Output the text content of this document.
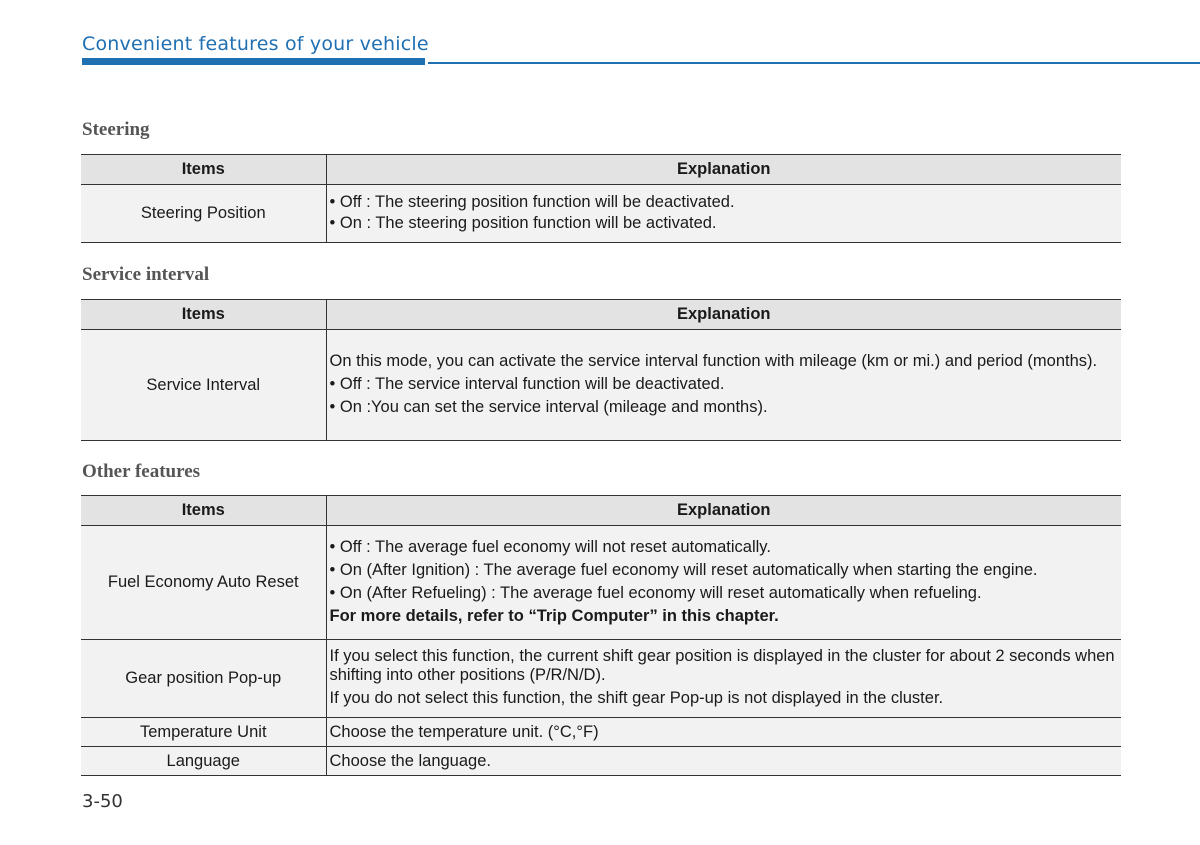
Convenient features of your vehicle
Steering
Items	Explanation
Steering Position	• Off : The steering position function will be deactivated.
• On : The steering position function will be activated.
Service interval
Items	Explanation
Service Interval	On this mode, you can activate the service interval function with mileage (km or mi.) and period (months).
• Off : The service interval function will be deactivated.
• On :You can set the service interval (mileage and months).
Other features
Items	Explanation
Fuel Economy Auto Reset	• Off : The average fuel economy will not reset automatically.
• On (After Ignition) : The average fuel economy will reset automatically when starting the engine.
• On (After Refueling) : The average fuel economy will reset automatically when refueling.
For more details, refer to “Trip Computer” in this chapter.

Gear position Pop-up	If you select this function, the current shift gear position is displayed in the cluster for about 2 seconds when shifting into other positions (P/R/N/D).
If you do not select this function, the shift gear Pop-up is not displayed in the cluster.

Temperature Unit	Choose the temperature unit. (°C,°F)

Language	Choose the language.
3-50
